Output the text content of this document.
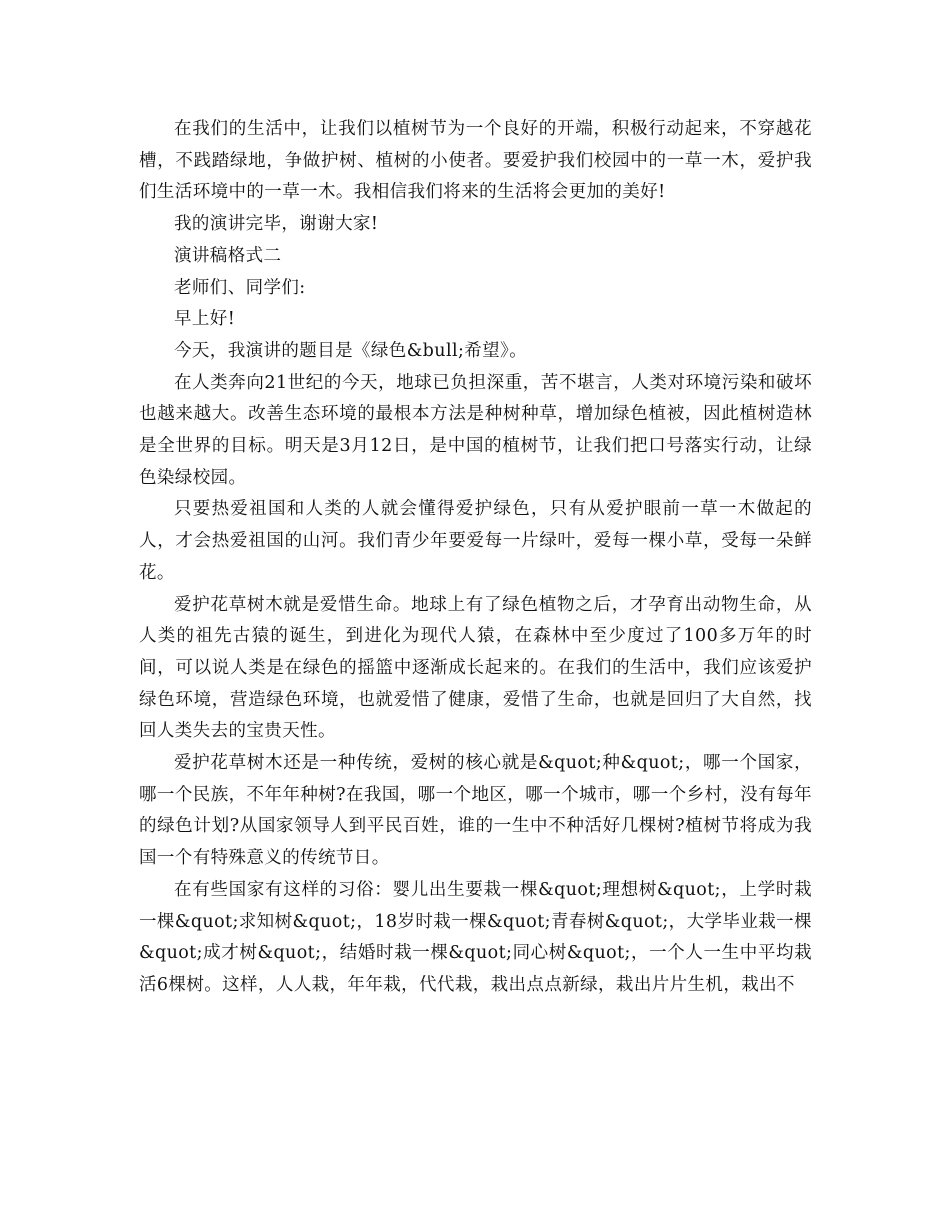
在我们的生活中，让我们以植树节为一个良好的开端，积极行动起来，不穿越花槽，不践踏绿地，争做护树、植树的小使者。要爱护我们校园中的一草一木，爱护我们生活环境中的一草一木。我相信我们将来的生活将会更加的美好!

我的演讲完毕，谢谢大家!

演讲稿格式二

老师们、同学们:

早上好!

今天，我演讲的题目是《绿色&bull;希望》。

在人类奔向21世纪的今天，地球已负担深重，苦不堪言，人类对环境污染和破坏也越来越大。改善生态环境的最根本方法是种树种草，增加绿色植被，因此植树造林是全世界的目标。明天是3月12日，是中国的植树节，让我们把口号落实行动，让绿色染绿校园。

只要热爱祖国和人类的人就会懂得爱护绿色，只有从爱护眼前一草一木做起的人，才会热爱祖国的山河。我们青少年要爱每一片绿叶，爱每一棵小草，受每一朵鲜花。

爱护花草树木就是爱惜生命。地球上有了绿色植物之后，才孕育出动物生命，从人类的祖先古猿的诞生，到进化为现代人猿，在森林中至少度过了100多万年的时间，可以说人类是在绿色的摇篮中逐渐成长起来的。在我们的生活中，我们应该爱护绿色环境，营造绿色环境，也就爱惜了健康，爱惜了生命，也就是回归了大自然，找回人类失去的宝贵天性。

爱护花草树木还是一种传统，爱树的核心就是&quot;种&quot;，哪一个国家，哪一个民族，不年年种树?在我国，哪一个地区，哪一个城市，哪一个乡村，没有每年的绿色计划?从国家领导人到平民百姓，谁的一生中不种活好几棵树?植树节将成为我国一个有特殊意义的传统节日。

在有些国家有这样的习俗：婴儿出生要栽一棵&quot;理想树&quot;，上学时栽一棵&quot;求知树&quot;，18岁时栽一棵&quot;青春树&quot;，大学毕业栽一棵&quot;成才树&quot;，结婚时栽一棵&quot;同心树&quot;，一个人一生中平均栽活6棵树。这样，人人栽，年年栽，代代栽，栽出点点新绿，栽出片片生机，栽出不
